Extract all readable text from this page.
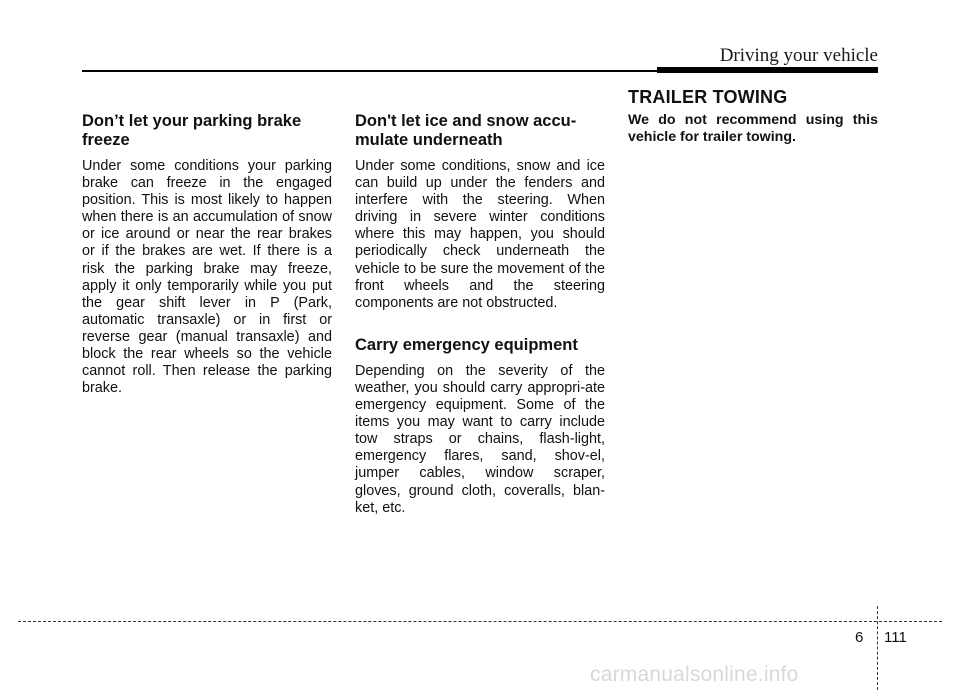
Driving your vehicle
Don’t let your parking brake freeze

Under some conditions your parking brake can freeze in the engaged position. This is most likely to happen when there is an accumulation of snow or ice around or near the rear brakes or if the brakes are wet. If there is a risk the parking brake may freeze, apply it only temporarily while you put the gear shift lever in P (Park, automatic transaxle) or in first or reverse gear (manual transaxle) and block the rear wheels so the vehicle cannot roll. Then release the parking brake.

Don't let ice and snow accu-mulate underneath

Under some conditions, snow and ice can build up under the fenders and interfere with the steering. When driving in severe winter conditions where this may happen, you should periodically check underneath the vehicle to be sure the movement of the front wheels and the steering components are not obstructed.

Carry emergency equipment

Depending on the severity of the weather, you should carry appropri-ate emergency equipment. Some of the items you may want to carry include tow straps or chains, flash-light, emergency flares, sand, shov-el, jumper cables, window scraper, gloves, ground cloth, coveralls, blan-ket, etc.

TRAILER TOWING

We do not recommend using this vehicle for trailer towing.

6 111
carmanualsonline.info
